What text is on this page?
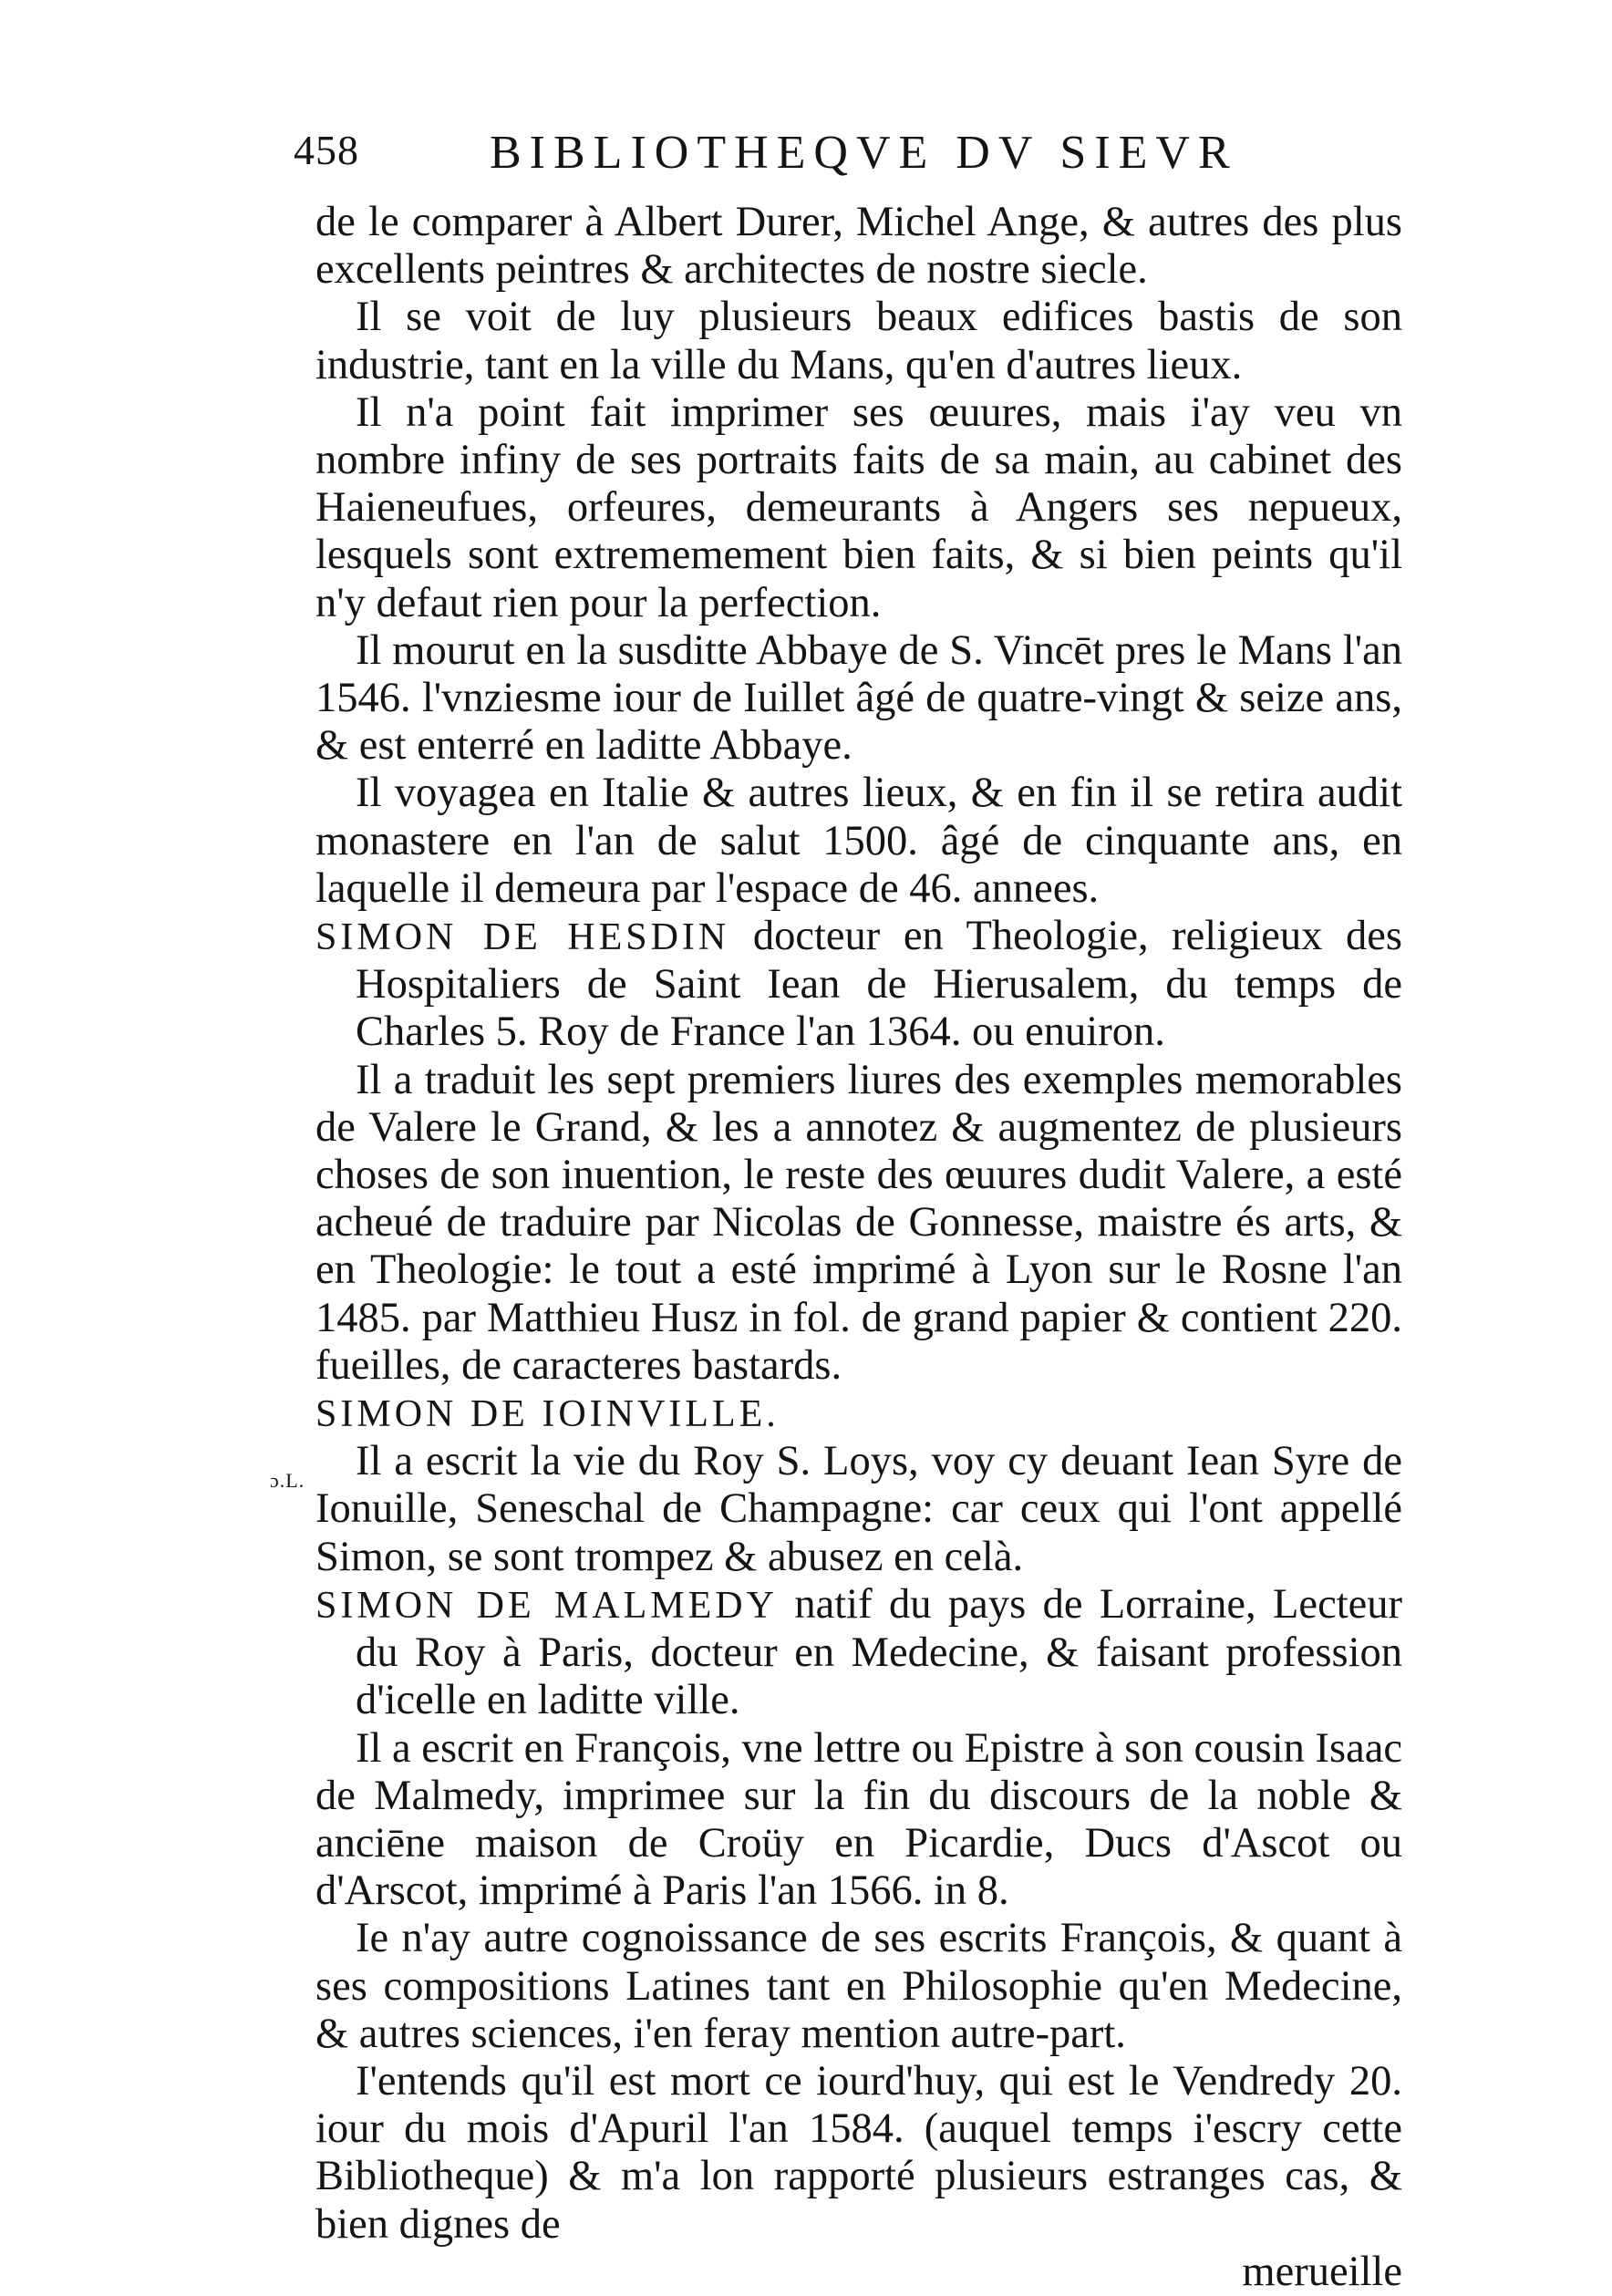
458	BIBLIOTHEQVE DV SIEVR
ɔ.L.

de le comparer à Albert Durer, Michel Ange, & autres des plus excellents peintres & architectes de nostre siecle.

Il se voit de luy plusieurs beaux edifices bastis de son industrie, tant en la ville du Mans, qu'en d'autres lieux.

Il n'a point fait imprimer ses œuures, mais i'ay veu vn nombre infiny de ses portraits faits de sa main, au cabinet des Haieneufues, orfeures, demeurants à Angers ses nepueux, lesquels sont extrememement bien faits, & si bien peints qu'il n'y defaut rien pour la perfection.

Il mourut en la susditte Abbaye de S. Vincēt pres le Mans l'an 1546. l'vnziesme iour de Iuillet âgé de quatre-vingt & seize ans, & est enterré en laditte Abbaye.

Il voyagea en Italie & autres lieux, & en fin il se retira audit monastere en l'an de salut 1500. âgé de cinquante ans, en laquelle il demeura par l'espace de 46. annees.

SIMON DE HESDIN docteur en Theologie, religieux des Hospitaliers de Saint Iean de Hierusalem, du temps de Charles 5. Roy de France l'an 1364. ou enuiron.

Il a traduit les sept premiers liures des exemples memorables de Valere le Grand, & les a annotez & augmentez de plusieurs choses de son inuention, le reste des œuures dudit Valere, a esté acheué de traduire par Nicolas de Gonnesse, maistre és arts, & en Theologie: le tout a esté imprimé à Lyon sur le Rosne l'an 1485. par Matthieu Husz in fol. de grand papier & contient 220. fueilles, de caracteres bastards.

SIMON DE IOINVILLE.

Il a escrit la vie du Roy S. Loys, voy cy deuant Iean Syre de Ionuille, Seneschal de Champagne: car ceux qui l'ont appellé Simon, se sont trompez & abusez en celà.

SIMON DE MALMEDY natif du pays de Lorraine, Lecteur du Roy à Paris, docteur en Medecine, & faisant profession d'icelle en laditte ville.

Il a escrit en François, vne lettre ou Epistre à son cousin Isaac de Malmedy, imprimee sur la fin du discours de la noble & anciēne maison de Croüy en Picardie, Ducs d'Ascot ou d'Arscot, imprimé à Paris l'an 1566. in 8.

Ie n'ay autre cognoissance de ses escrits François, & quant à ses compositions Latines tant en Philosophie qu'en Medecine, & autres sciences, i'en feray mention autre-part.

I'entends qu'il est mort ce iourd'huy, qui est le Vendredy 20. iour du mois d'Apuril l'an 1584. (auquel temps i'escry cette Bibliotheque) & m'a lon rapporté plusieurs estranges cas, & bien dignes de

merueille
